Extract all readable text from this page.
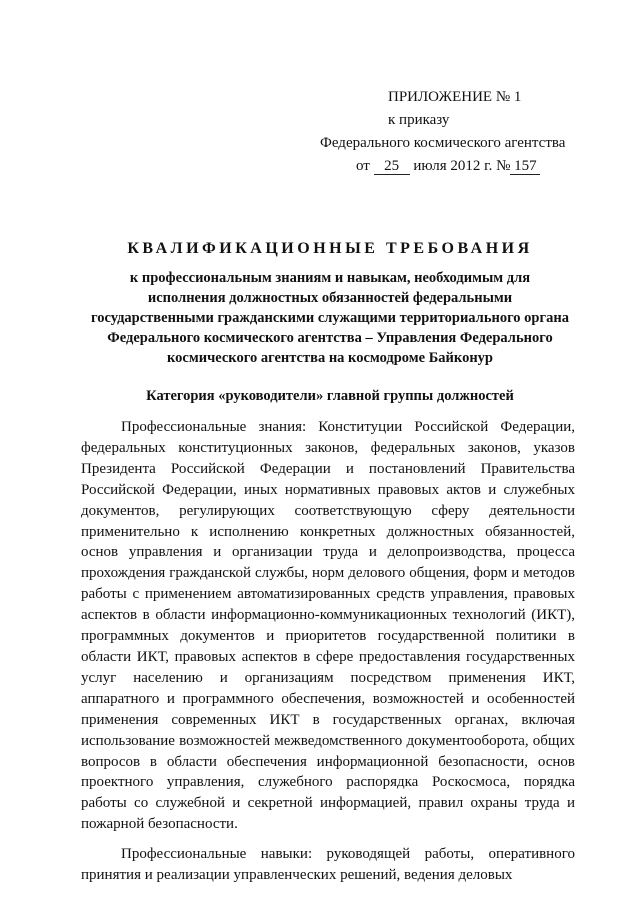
ПРИЛОЖЕНИЕ № 1
к приказу
Федерального космического агентства
от 25 июля 2012 г. № 157
КВАЛИФИКАЦИОННЫЕ ТРЕБОВАНИЯ
к профессиональным знаниям и навыкам, необходимым для исполнения должностных обязанностей федеральными государственными гражданскими служащими территориального органа Федерального космического агентства – Управления Федерального космического агентства на космодроме Байконур
Категория «руководители» главной группы должностей

Профессиональные знания: Конституции Российской Федерации, федеральных конституционных законов, федеральных законов, указов Президента Российской Федерации и постановлений Правительства Российской Федерации, иных нормативных правовых актов и служебных документов, регулирующих соответствующую сферу деятельности применительно к исполнению конкретных должностных обязанностей, основ управления и организации труда и делопроизводства, процесса прохождения гражданской службы, норм делового общения, форм и методов работы с применением автоматизированных средств управления, правовых аспектов в области информационно-коммуникационных технологий (ИКТ), программных документов и приоритетов государственной политики в области ИКТ, правовых аспектов в сфере предоставления государственных услуг населению и организациям посредством применения ИКТ, аппаратного и программного обеспечения, возможностей и особенностей применения современных ИКТ в государственных органах, включая использование возможностей межведомственного документооборота, общих вопросов в области обеспечения информационной безопасности, основ проектного управления, служебного распорядка Роскосмоса, порядка работы со служебной и секретной информацией, правил охраны труда и пожарной безопасности.

Профессиональные навыки: руководящей работы, оперативного принятия и реализации управленческих решений, ведения деловых
